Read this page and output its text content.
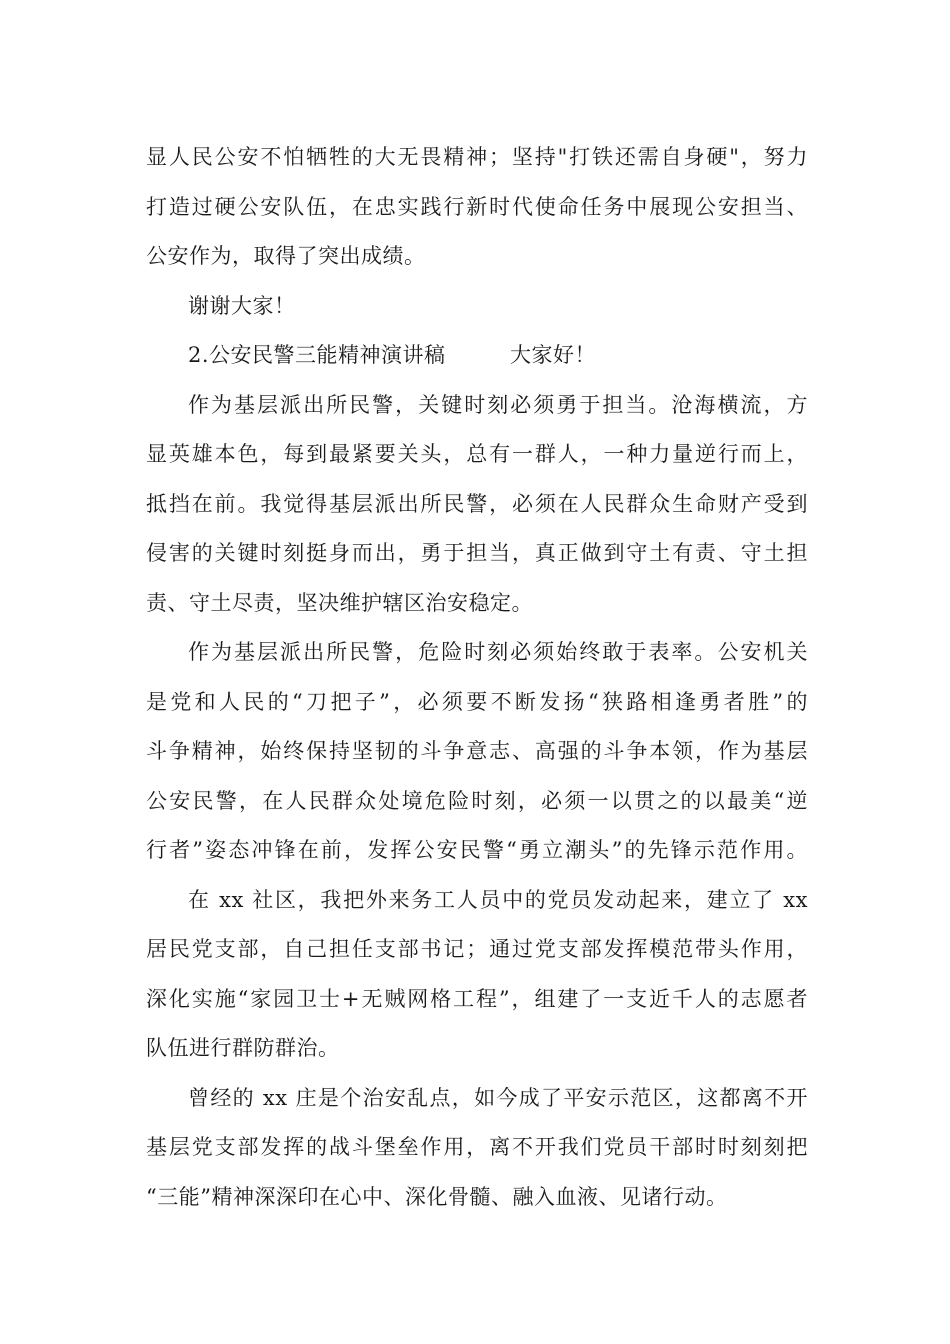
显人民公安不怕牺牲的大无畏精神；坚持"打铁还需自身硬"，努力
打造过硬公安队伍，在忠实践行新时代使命任务中展现公安担当、
公安作为，取得了突出成绩。
谢谢大家！
2.公安民警三能精神演讲稿　　　大家好！
作为基层派出所民警，关键时刻必须勇于担当。沧海横流，方
显英雄本色，每到最紧要关头，总有一群人，一种力量逆行而上，
抵挡在前。我觉得基层派出所民警，必须在人民群众生命财产受到
侵害的关键时刻挺身而出，勇于担当，真正做到守土有责、守土担
责、守土尽责，坚决维护辖区治安稳定。
作为基层派出所民警，危险时刻必须始终敢于表率。公安机关
是党和人民的“刀把子”，必须要不断发扬“狭路相逢勇者胜”的
斗争精神，始终保持坚韧的斗争意志、高强的斗争本领，作为基层
公安民警，在人民群众处境危险时刻，必须一以贯之的以最美“逆
行者”姿态冲锋在前，发挥公安民警“勇立潮头”的先锋示范作用。
在 xx 社区，我把外来务工人员中的党员发动起来，建立了 xx
居民党支部，自己担任支部书记；通过党支部发挥模范带头作用，
深化实施“家园卫士+无贼网格工程”，组建了一支近千人的志愿者
队伍进行群防群治。
曾经的 xx 庄是个治安乱点，如今成了平安示范区，这都离不开
基层党支部发挥的战斗堡垒作用，离不开我们党员干部时时刻刻把
“三能”精神深深印在心中、深化骨髓、融入血液、见诸行动。
